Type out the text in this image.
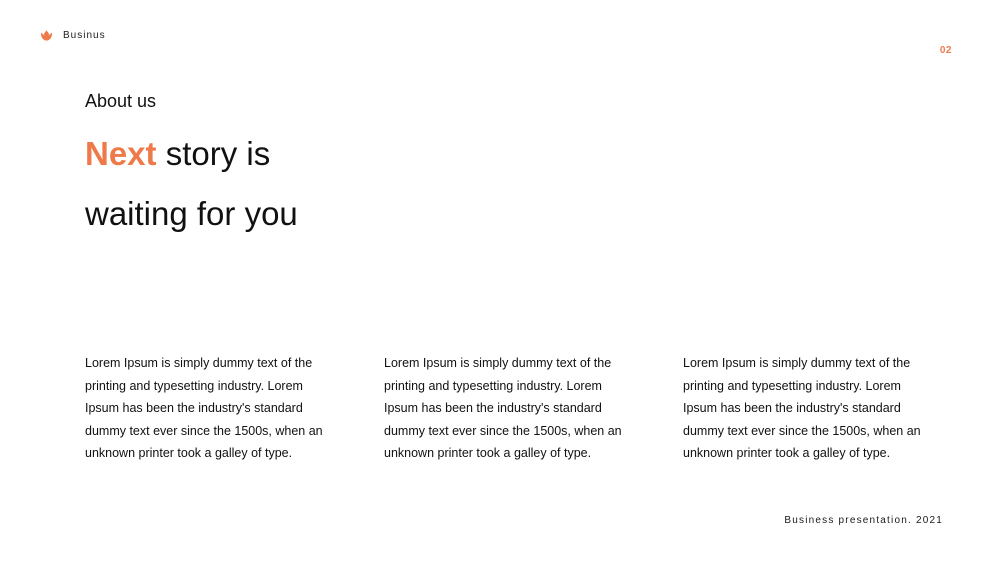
Businus
02
About us
Next story is waiting for you

Lorem Ipsum is simply dummy text of the printing and typesetting industry. Lorem Ipsum has been the industry's standard dummy text ever since the 1500s, when an unknown printer took a galley of type.

Lorem Ipsum is simply dummy text of the printing and typesetting industry. Lorem Ipsum has been the industry's standard dummy text ever since the 1500s, when an unknown printer took a galley of type.

Lorem Ipsum is simply dummy text of the printing and typesetting industry. Lorem Ipsum has been the industry's standard dummy text ever since the 1500s, when an unknown printer took a galley of type.

Business presentation. 2021
